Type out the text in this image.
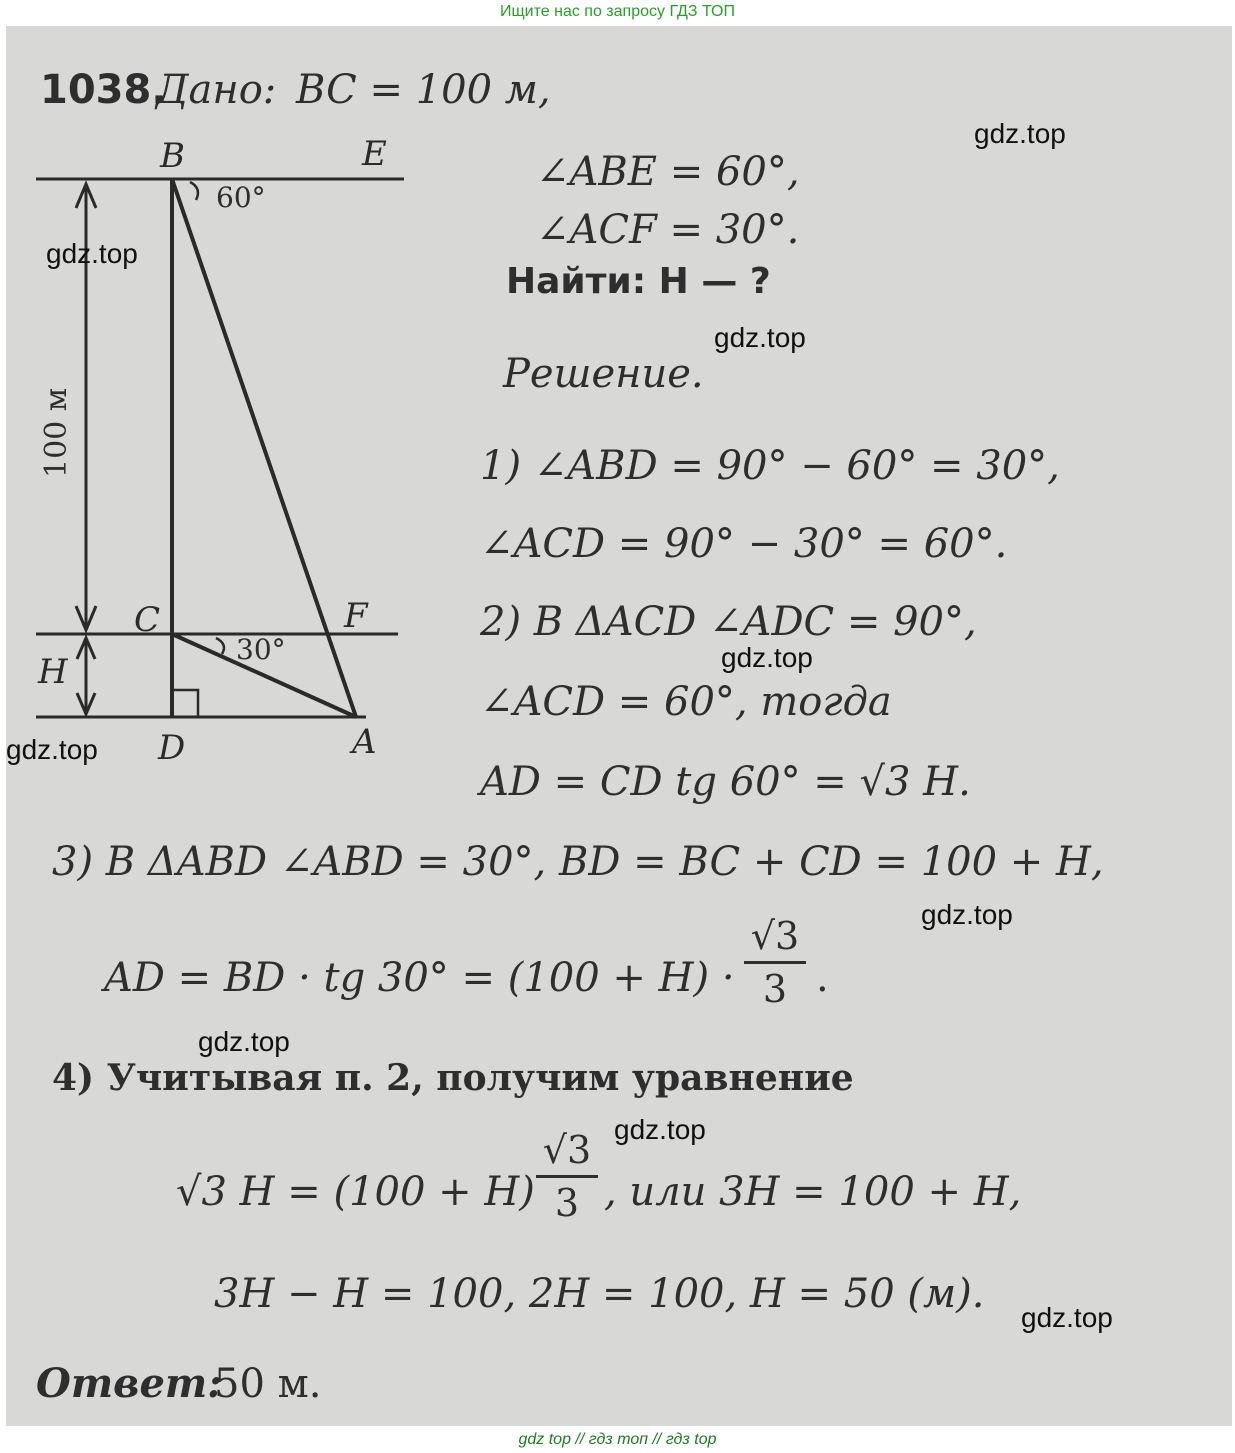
Ищите нас по запросу ГДЗ ТОП
1038.
Дано: BC = 100 м,
∠ABE = 60°,
∠ACF = 30°.
Найти: H — ?
Решение.
B	E
C	F
D	A
H
60°
30°
100 м	1) ∠ABD = 90° − 60° = 30°,
∠ACD = 90° − 30° = 60°.
2) В ΔACD ∠ADC = 90°,
∠ACD = 60°, тогда
AD = CD tg 60° = √3 H.
3) В ΔABD ∠ABD = 30°, BD = BC + CD = 100 + H,
AD = BD · tg 30° = (100 + H) ·
√3
3 .
4) Учитывая п. 2, получим уравнение
√3 H = (100 + H)
√3
3 , или 3H = 100 + H,
3H − H = 100, 2H = 100, H = 50 (м).
Ответ:
50 м.
gdz.top
gdz.top
gdz.top
gdz.top
gdz.top
gdz.top
gdz.top
gdz.top
gdz.top
gdz top // гдз топ // гдз top
